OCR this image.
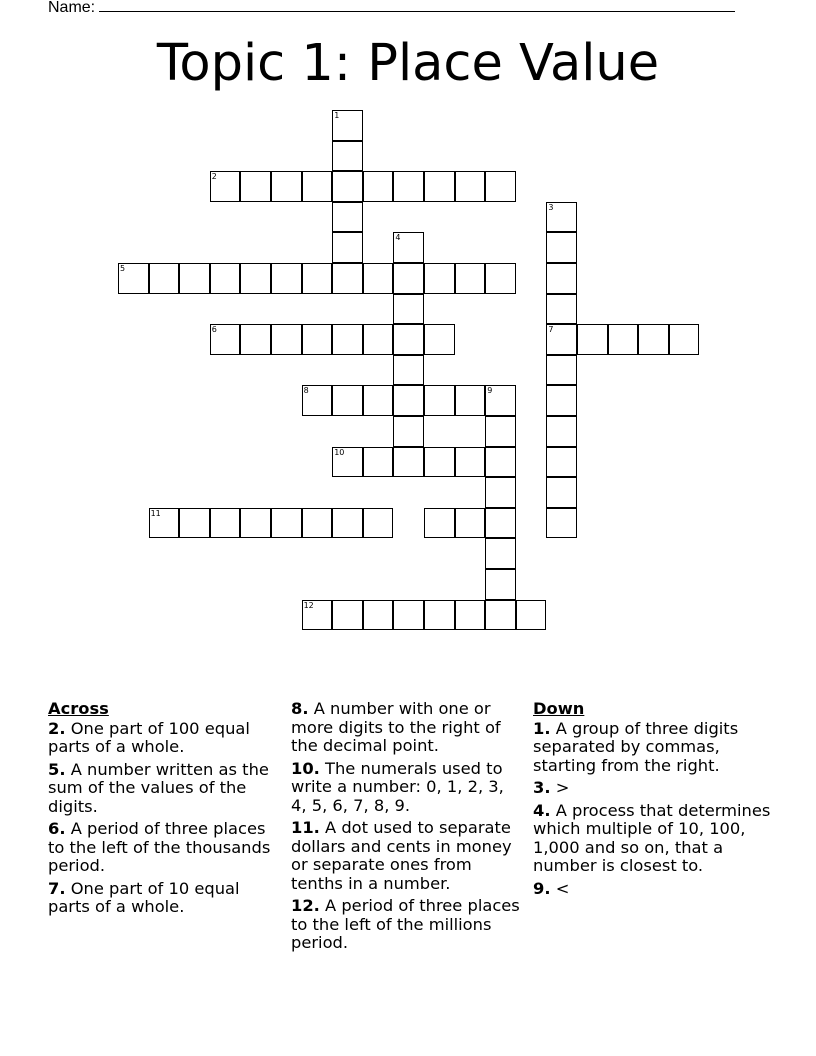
Name:
Topic 1: Place Value
1
2
3
7
4
5
6
8	9
10
11
12
Across
2. One part of 100 equal parts of a whole.
5. A number written as the sum of the values of the digits.
6. A period of three places to the left of the thousands period.
7. One part of 10 equal parts of a whole.
8. A number with one or more digits to the right of the decimal point.
10. The numerals used to write a number: 0, 1, 2, 3, 4, 5, 6, 7, 8, 9.
11. A dot used to separate dollars and cents in money or separate ones from tenths in a number.
12. A period of three places to the left of the millions period.
Down
1. A group of three digits separated by commas, starting from the right.
3. >
4. A process that determines which multiple of 10, 100, 1,000 and so on, that a number is closest to.
9. <
